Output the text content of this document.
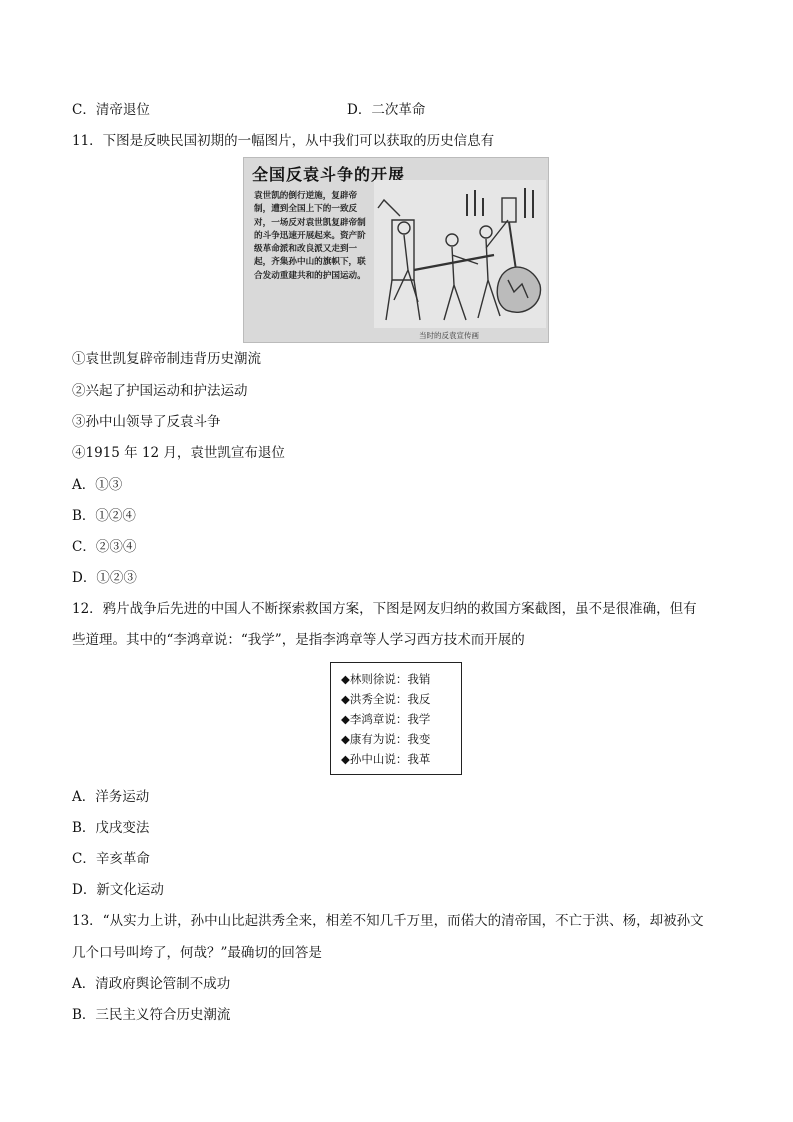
C．清帝退位	D．二次革命
11．下图是反映民国初期的一幅图片，从中我们可以获取的历史信息有
全国反袁斗争的开展
袁世凯的倒行逆施，复辟帝制，遭到全国上下的一致反对，一场反对袁世凯复辟帝制的斗争迅速开展起来。资产阶级革命派和改良派又走到一起，齐集孙中山的旗帜下，联合发动重建共和的护国运动。
当时的反袁宣传画
①袁世凯复辟帝制违背历史潮流
②兴起了护国运动和护法运动
③孙中山领导了反袁斗争
④1915 年 12 月，袁世凯宣布退位
A．①③
B．①②④
C．②③④
D．①②③
12．鸦片战争后先进的中国人不断探索救国方案，下图是网友归纳的救国方案截图，虽不是很准确，但有
些道理。其中的“李鸿章说：“我学”，是指李鸿章等人学习西方技术而开展的
◆林则徐说：我销
◆洪秀全说：我反
◆李鸿章说：我学
◆康有为说：我变
◆孙中山说：我革
A．洋务运动
B．戊戌变法
C．辛亥革命
D．新文化运动
13．“从实力上讲，孙中山比起洪秀全来，相差不知几千万里，而偌大的清帝国，不亡于洪、杨，却被孙文
几个口号叫垮了，何哉？”最确切的回答是
A．清政府舆论管制不成功
B．三民主义符合历史潮流
